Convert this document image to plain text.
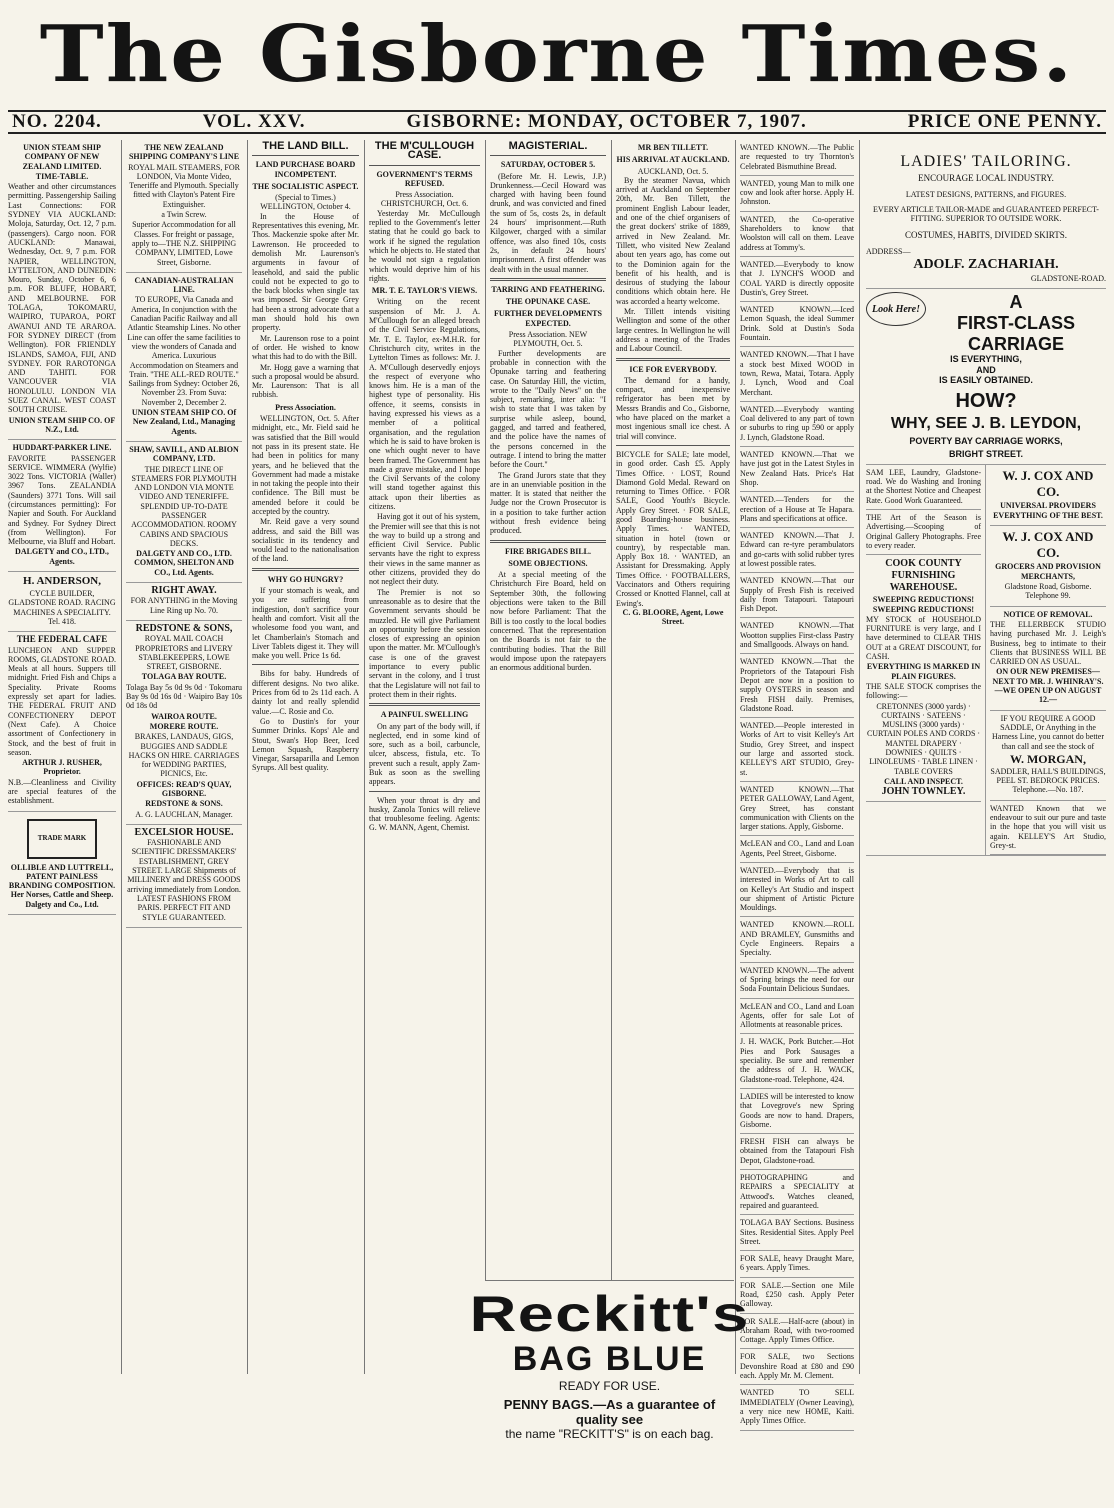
The Gisborne Times.
NO. 2204.	VOL. XXV.	GISBORNE: MONDAY, OCTOBER 7, 1907.	PRICE ONE PENNY.

UNION STEAM SHIP COMPANY OF NEW ZEALAND LIMITED.

TIME-TABLE.

Weather and other circumstances permitting. Passengership Sailing Last Connections: FOR SYDNEY VIA AUCKLAND: Moloja, Saturday, Oct. 12, 7 p.m. (passengers). Cargo noon. FOR AUCKLAND: Manawai, Wednesday, Oct. 9, 7 p.m. FOR NAPIER, WELLINGTON, LYTTELTON, AND DUNEDIN: Mouro, Sunday, October 6, 6 p.m. FOR BLUFF, HOBART, AND MELBOURNE. FOR TOLAGA, TOKOMARU, WAIPIRO, TUPAROA, PORT AWANUI AND TE ARAROA. FOR SYDNEY DIRECT (from Wellington). FOR FRIENDLY ISLANDS, SAMOA, FIJI, AND SYDNEY. FOR RAROTONGA AND TAHITI. FOR VANCOUVER VIA HONOLULU. LONDON VIA SUEZ CANAL. WEST COAST SOUTH CRUISE.

UNION STEAM SHIP CO. OF N.Z., Ltd.

HUDDART-PARKER LINE.

FAVORITE PASSENGER SERVICE. WIMMERA (Wylfie) 3022 Tons. VICTORIA (Waller) 3967 Tons. ZEALANDIA (Saunders) 3771 Tons. Will sail (circumstances permitting): For Napier and South. For Auckland and Sydney. For Sydney Direct (from Wellington). For Melbourne, via Bluff and Hobart.

DALGETY and CO., LTD., Agents.

H. ANDERSON,

CYCLE BUILDER, GLADSTONE ROAD. RACING MACHINES A SPECIALITY. Tel. 418.

THE FEDERAL CAFE

LUNCHEON AND SUPPER ROOMS, GLADSTONE ROAD. Meals at all hours. Suppers till midnight. Fried Fish and Chips a Speciality. Private Rooms expressly set apart for ladies. THE FEDERAL FRUIT AND CONFECTIONERY DEPOT (Next Cafe). A Choice assortment of Confectionery in Stock, and the best of fruit in season.

ARTHUR J. RUSHER, Proprietor.

N.B.—Cleanliness and Civility are special features of the establishment.

TRADE MARK

OLLIBLE AND LUTTRELL, PATENT PAINLESS BRANDING COMPOSITION. Her Norses, Cattle and Sheep. Dalgety and Co., Ltd.

THE NEW ZEALAND SHIPPING COMPANY'S LINE

ROYAL MAIL STEAMERS, FOR LONDON, Via Monte Video, Teneriffe and Plymouth. Specially fitted with Clayton's Patent Fire Extinguisher.

a Twin Screw.

Superior Accommodation for all Classes. For freight or passage, apply to—THE N.Z. SHIPPING COMPANY, LIMITED, Lowe Street, Gisborne.

CANADIAN-AUSTRALIAN LINE.

TO EUROPE, Via Canada and America, In conjunction with the Canadian Pacific Railway and all Atlantic Steamship Lines. No other Line can offer the same facilities to view the wonders of Canada and America. Luxurious Accommodation on Steamers and Train. "THE ALL-RED ROUTE." Sailings from Sydney: October 26, November 23. From Suva: November 2, December 2.

UNION STEAM SHIP CO. Of New Zealand, Ltd., Managing Agents.

SHAW, SAVILL, AND ALBION COMPANY, LTD.

THE DIRECT LINE OF STEAMERS FOR PLYMOUTH AND LONDON VIA MONTE VIDEO AND TENERIFFE. SPLENDID UP-TO-DATE PASSENGER ACCOMMODATION. ROOMY CABINS AND SPACIOUS DECKS.

DALGETY AND CO., LTD. COMMON, SHELTON AND CO., Ltd. Agents.

RIGHT AWAY.

FOR ANYTHING in the Moving Line Ring up No. 70.

REDSTONE & SONS,

ROYAL MAIL COACH PROPRIETORS and LIVERY STABLEKEEPERS, LOWE STREET, GISBORNE.

TOLAGA BAY ROUTE.

Tolaga Bay 5s 0d 9s 0d · Tokomaru Bay 9s 0d 16s 0d · Waipiro Bay 10s 0d 18s 0d

WAIROA ROUTE.

MORERE ROUTE.

BRAKES, LANDAUS, GIGS, BUGGIES AND SADDLE HACKS ON HIRE. CARRIAGES for WEDDING PARTIES, PICNICS, Etc.

OFFICES: READ'S QUAY, GISBORNE.

REDSTONE & SONS.

A. G. LAUCHLAN, Manager.

EXCELSIOR HOUSE.

FASHIONABLE AND SCIENTIFIC DRESSMAKERS' ESTABLISHMENT, GREY STREET. LARGE Shipments of MILLINERY and DRESS GOODS arriving immediately from London. LATEST FASHIONS FROM PARIS. PERFECT FIT AND STYLE GUARANTEED.

THE LAND BILL.
LAND PURCHASE BOARD INCOMPETENT.
THE SOCIALISTIC ASPECT.

(Special to Times.) WELLINGTON, October 4.

In the House of Representatives this evening, Mr. Thos. Mackenzie spoke after Mr. Lawrenson. He proceeded to demolish Mr. Laurenson's arguments in favour of leasehold, and said the public could not be expected to go to the back blocks when single tax was imposed. Sir George Grey had been a strong advocate that a man should hold his own property.

Mr. Laurenson rose to a point of order. He wished to know what this had to do with the Bill.

Mr. Hogg gave a warning that such a proposal would be absurd. Mr. Laurenson: That is all rubbish.

Press Association.

WELLINGTON, Oct. 5. After midnight, etc., Mr. Field said he was satisfied that the Bill would not pass in its present state. He had been in politics for many years, and he believed that the Government had made a mistake in not taking the people into their confidence. The Bill must be amended before it could be accepted by the country.

Mr. Reid gave a very sound address, and said the Bill was socialistic in its tendency and would lead to the nationalisation of the land.

WHY GO HUNGRY?

If your stomach is weak, and you are suffering from indigestion, don't sacrifice your health and comfort. Visit all the wholesome food you want, and let Chamberlain's Stomach and Liver Tablets digest it. They will make you well. Price 1s 6d.

Bibs for baby. Hundreds of different designs. No two alike. Prices from 6d to 2s 11d each. A dainty lot and really splendid value.—C. Rosie and Co.

Go to Dustin's for your Summer Drinks. Kops' Ale and Stout, Swan's Hop Beer, Iced Lemon Squash, Raspberry Vinegar, Sarsaparilla and Lemon Syrups. All best quality.

THE M'CULLOUGH CASE.
GOVERNMENT'S TERMS REFUSED.

Press Association. CHRISTCHURCH, Oct. 6.

Yesterday Mr. McCullough replied to the Government's letter stating that he could go back to work if he signed the regulation which he objects to. He stated that he would not sign a regulation which would deprive him of his rights.

MR. T. E. TAYLOR'S VIEWS.

Writing on the recent suspension of Mr. J. A. M'Cullough for an alleged breach of the Civil Service Regulations, Mr. T. E. Taylor, ex-M.H.R. for Christchurch city, writes in the Lyttelton Times as follows: Mr. J. A. M'Cullough deservedly enjoys the respect of everyone who knows him. He is a man of the highest type of personality. His offence, it seems, consists in having expressed his views as a member of a political organisation, and the regulation which he is said to have broken is one which ought never to have been framed. The Government has made a grave mistake, and I hope the Civil Servants of the colony will stand together against this attack upon their liberties as citizens.

Having got it out of his system, the Premier will see that this is not the way to build up a strong and efficient Civil Service. Public servants have the right to express their views in the same manner as other citizens, provided they do not neglect their duty.

The Premier is not so unreasonable as to desire that the Government servants should be muzzled. He will give Parliament an opportunity before the session closes of expressing an opinion upon the matter. Mr. M'Cullough's case is one of the gravest importance to every public servant in the colony, and I trust that the Legislature will not fail to protect them in their rights.

A PAINFUL SWELLING

On any part of the body will, if neglected, end in some kind of sore, such as a boil, carbuncle, ulcer, abscess, fistula, etc. To prevent such a result, apply Zam-Buk as soon as the swelling appears.

When your throat is dry and husky, Zanola Tonics will relieve that troublesome feeling. Agents: G. W. MANN, Agent, Chemist.

MAGISTERIAL.
SATURDAY, OCTOBER 5.

(Before Mr. H. Lewis, J.P.) Drunkenness.—Cecil Howard was charged with having been found drunk, and was convicted and fined the sum of 5s, costs 2s, in default 24 hours' imprisonment.—Ruth Kilgower, charged with a similar offence, was also fined 10s, costs 2s, in default 24 hours' imprisonment. A first offender was dealt with in the usual manner.

TARRING AND FEATHERING.
THE OPUNAKE CASE.
FURTHER DEVELOPMENTS EXPECTED.

Press Association. NEW PLYMOUTH, Oct. 5.

Further developments are probable in connection with the Opunake tarring and feathering case. On Saturday Hill, the victim, wrote to the "Daily News" on the subject, remarking, inter alia: "I wish to state that I was taken by surprise while asleep, bound, gagged, and tarred and feathered, and the police have the names of the persons concerned in the outrage. I intend to bring the matter before the Court."

The Grand Jurors state that they are in an unenviable position in the matter. It is stated that neither the Judge nor the Crown Prosecutor is in a position to take further action without fresh evidence being produced.

FIRE BRIGADES BILL.
SOME OBJECTIONS.

At a special meeting of the Christchurch Fire Board, held on September 30th, the following objections were taken to the Bill now before Parliament: That the Bill is too costly to the local bodies concerned. That the representation on the Boards is not fair to the contributing bodies. That the Bill would impose upon the ratepayers an enormous additional burden.

MR BEN TILLETT.
HIS ARRIVAL AT AUCKLAND.

AUCKLAND, Oct. 5.

By the steamer Navua, which arrived at Auckland on September 20th, Mr. Ben Tillett, the prominent English Labour leader, and one of the chief organisers of the great dockers' strike of 1889, arrived in New Zealand. Mr. Tillett, who visited New Zealand about ten years ago, has come out to the Dominion again for the benefit of his health, and is desirous of studying the labour conditions which obtain here. He was accorded a hearty welcome.

Mr. Tillett intends visiting Wellington and some of the other large centres. In Wellington he will address a meeting of the Trades and Labour Council.

ICE FOR EVERYBODY.

The demand for a handy, compact, and inexpensive refrigerator has been met by Messrs Brandis and Co., Gisborne, who have placed on the market a most ingenious small ice chest. A trial will convince.

BICYCLE for SALE; late model, in good order. Cash £5. Apply Times Office. · LOST, Round Diamond Gold Medal. Reward on returning to Times Office. · FOR SALE, Good Youth's Bicycle. Apply Grey Street. · FOR SALE, good Boarding-house business. Apply Times. · WANTED, situation in hotel (town or country), by respectable man. Apply Box 18. · WANTED, an Assistant for Dressmaking. Apply Times Office. · FOOTBALLERS, Vaccinators and Others requiring Crossed or Knotted Flannel, call at Ewing's.

C. G. BLOORE, Agent, Lowe Street.

WANTED KNOWN.—The Public are requested to try Thornton's Celebrated Bismuthine Bread.

WANTED, young Man to milk one cow and look after horse. Apply H. Johnston.

WANTED, the Co-operative Shareholders to know that Woolston will call on them. Leave address at Tommy's.

WANTED.—Everybody to know that J. LYNCH'S WOOD and COAL YARD is directly opposite Dustin's, Grey Street.

WANTED KNOWN.—Iced Lemon Squash, the ideal Summer Drink. Sold at Dustin's Soda Fountain.

WANTED KNOWN.—That I have a stock best Mixed WOOD in town, Rewa, Matai, Totara. Apply J. Lynch, Wood and Coal Merchant.

WANTED.—Everybody wanting Coal delivered to any part of town or suburbs to ring up 590 or apply J. Lynch, Gladstone Road.

WANTED KNOWN.—That we have just got in the Latest Styles in New Zealand Hats. Price's Hat Shop.

WANTED.—Tenders for the erection of a House at Te Hapara. Plans and specifications at office.

WANTED KNOWN.—That J. Edward can re-tyre perambulators and go-carts with solid rubber tyres at lowest possible rates.

WANTED KNOWN.—That our Supply of Fresh Fish is received daily from Tatapouri. Tatapouri Fish Depot.

WANTED KNOWN.—That Wootton supplies First-class Pastry and Smallgoods. Always on hand.

WANTED KNOWN.—That the Proprietors of the Tatapouri Fish Depot are now in a position to supply OYSTERS in season and Fresh FISH daily. Premises, Gladstone Road.

WANTED.—People interested in Works of Art to visit Kelley's Art Studio, Grey Street, and inspect our large and assorted stock. KELLEY'S ART STUDIO, Grey-st.

WANTED KNOWN.—That PETER GALLOWAY, Land Agent, Grey Street, has constant communication with Clients on the larger stations. Apply, Gisborne.

McLEAN and CO., Land and Loan Agents, Peel Street, Gisborne.

WANTED.—Everybody that is interested in Works of Art to call on Kelley's Art Studio and inspect our shipment of Artistic Picture Mouldings.

WANTED KNOWN.—ROLL AND BRAMLEY, Gunsmiths and Cycle Engineers. Repairs a Specialty.

WANTED KNOWN.—The advent of Spring brings the need for our Soda Fountain Delicious Sundaes.

McLEAN and CO., Land and Loan Agents, offer for sale Lot of Allotments at reasonable prices.

J. H. WACK, Pork Butcher.—Hot Pies and Pork Sausages a speciality. Be sure and remember the address of J. H. WACK, Gladstone-road. Telephone, 424.

LADIES will be interested to know that Lovegrove's new Spring Goods are now to hand. Drapers, Gisborne.

FRESH FISH can always be obtained from the Tatapouri Fish Depot, Gladstone-road.

PHOTOGRAPHING and REPAIRS a SPECIALITY at Attwood's. Watches cleaned, repaired and guaranteed.

TOLAGA BAY Sections. Business Sites. Residential Sites. Apply Peel Street.

FOR SALE, heavy Draught Mare, 6 years. Apply Times.

FOR SALE.—Section one Mile Road, £250 cash. Apply Peter Galloway.

FOR SALE.—Half-acre (about) in Abraham Road, with two-roomed Cottage. Apply Times Office.

FOR SALE, two Sections Devonshire Road at £80 and £90 each. Apply Mr. M. Clement.

WANTED TO SELL IMMEDIATELY (Owner Leaving), a very nice new HOME, Kaiti. Apply Times Office.

LADIES' TAILORING.

ENCOURAGE LOCAL INDUSTRY.

LATEST DESIGNS, PATTERNS, and FIGURES.

EVERY ARTICLE TAILOR-MADE and GUARANTEED PERFECT-FITTING. SUPERIOR TO OUTSIDE WORK.

COSTUMES, HABITS, DIVIDED SKIRTS.

ADDRESS—

ADOLF. ZACHARIAH.

GLADSTONE-ROAD.

Look Here!	A

FIRST-CLASS

CARRIAGE

IS EVERYTHING,

AND

IS EASILY OBTAINED.

HOW?

WHY, SEE J. B. LEYDON,

POVERTY BAY CARRIAGE WORKS,

BRIGHT STREET.

SAM LEE, Laundry, Gladstone-road. We do Washing and Ironing at the Shortest Notice and Cheapest Rate. Good Work Guaranteed.

THE Art of the Season is Advertising.—Scooping of Original Gallery Photographs. Free to every reader.

COOK COUNTY FURNISHING WAREHOUSE.

SWEEPING REDUCTIONS! SWEEPING REDUCTIONS!

MY STOCK of HOUSEHOLD FURNITURE is very large, and I have determined to CLEAR THIS OUT at a GREAT DISCOUNT, for CASH.

EVERYTHING IS MARKED IN PLAIN FIGURES.

THE SALE STOCK comprises the following:—

CRETONNES (3000 yards) · CURTAINS · SATEENS · MUSLINS (3000 yards) · CURTAIN POLES AND CORDS · MANTEL DRAPERY · DOWNIES · QUILTS · LINOLEUMS · TABLE LINEN · TABLE COVERS

CALL AND INSPECT.

JOHN TOWNLEY.

W. J. COX AND CO.

UNIVERSAL PROVIDERS

EVERYTHING OF THE BEST.

W. J. COX AND CO.

GROCERS AND PROVISION MERCHANTS,

Gladstone Road, Gisborne. Telephone 99.

NOTICE OF REMOVAL.

THE ELLERBECK STUDIO having purchased Mr. J. Leigh's Business, beg to intimate to their Clients that BUSINESS WILL BE CARRIED ON AS USUAL.

ON OUR NEW PREMISES— NEXT TO MR. J. WHINRAY'S. —WE OPEN UP ON AUGUST 12.—

IF YOU REQUIRE A GOOD SADDLE, Or Anything in the Harness Line, you cannot do better than call and see the stock of

W. MORGAN,

SADDLER, HALL'S BUILDINGS, PEEL ST. BEDROCK PRICES. Telephone.—No. 187.

WANTED Known that we endeavour to suit our pure and taste in the hope that you will visit us again. KELLEY'S Art Studio, Grey-st.

Reckitt's
BAG BLUE
READY FOR USE.
PENNY BAGS.—As a guarantee of quality see
the name "RECKITT'S" is on each bag.
